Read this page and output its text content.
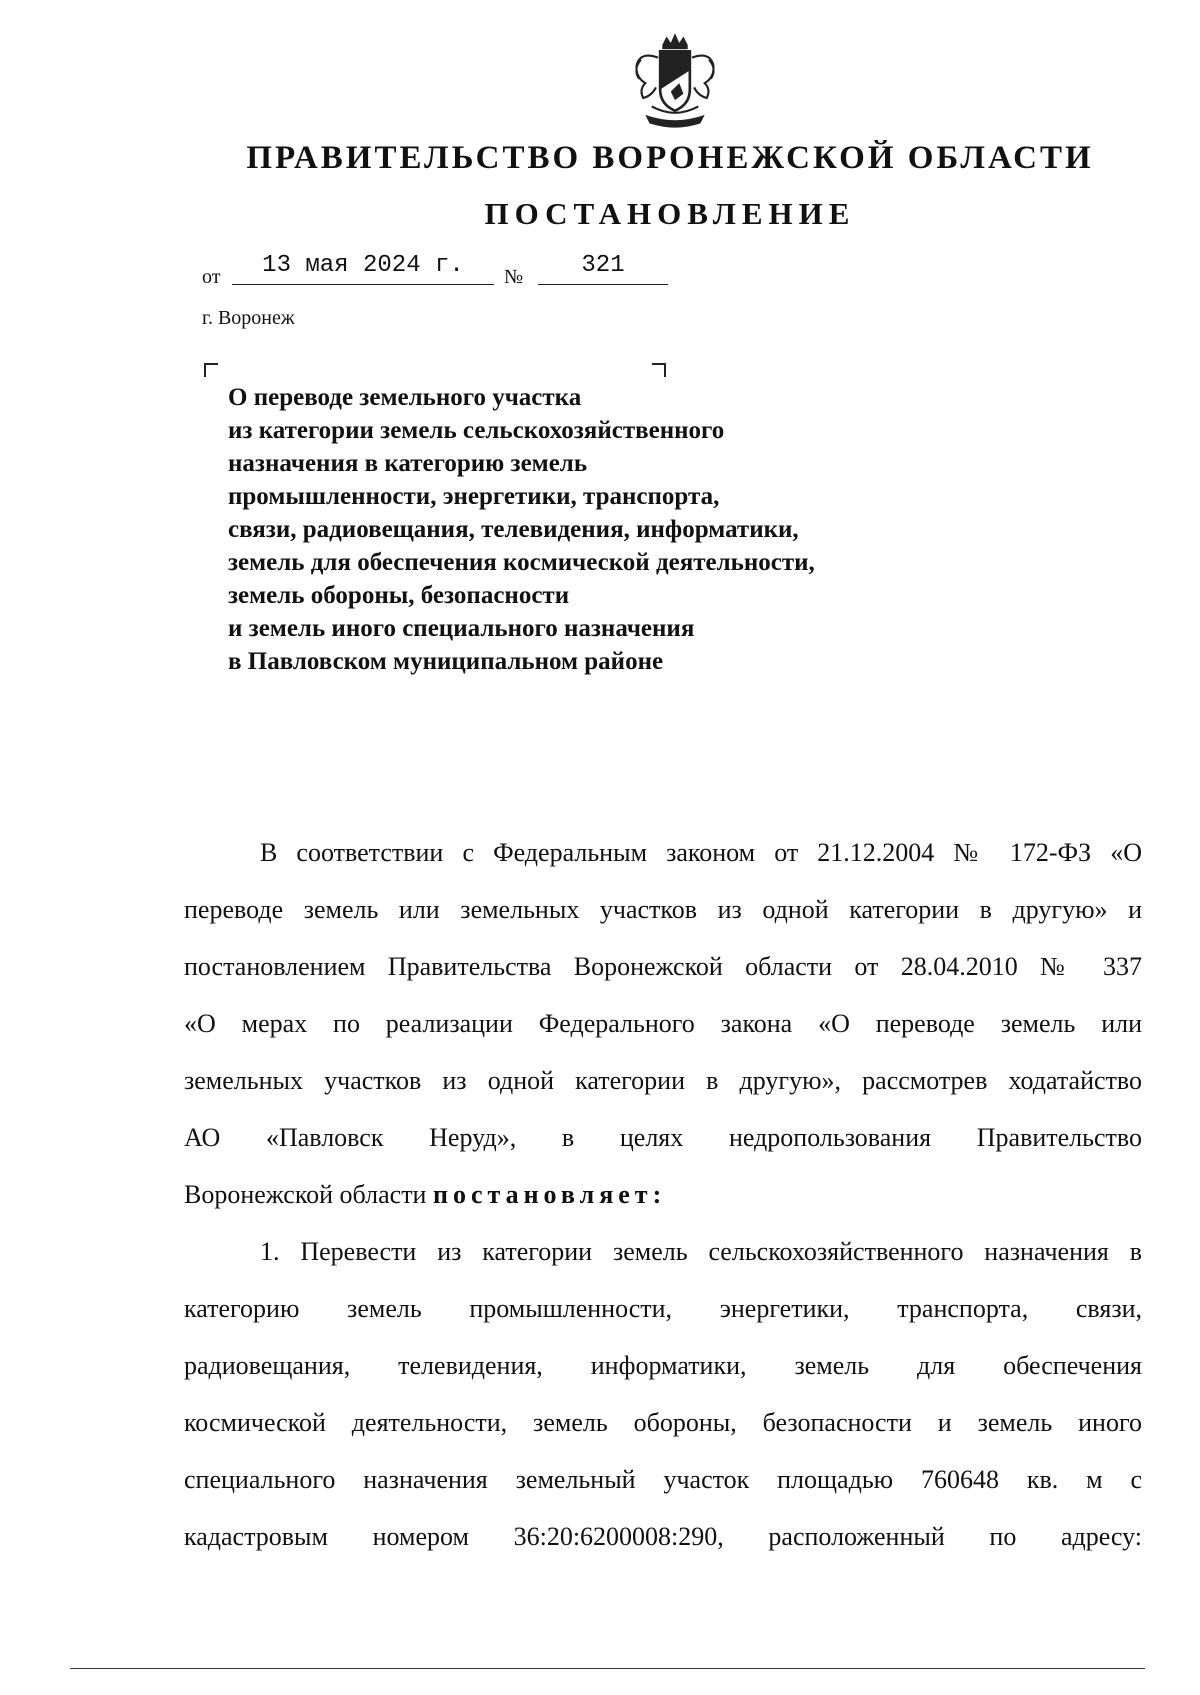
ПРАВИТЕЛЬСТВО ВОРОНЕЖСКОЙ ОБЛАСТИ
ПОСТАНОВЛЕНИЕ
от	13 мая 2024 г.	№	321
г. Воронеж
О переводе земельного участка
из категории земель сельскохозяйственного
назначения в категорию земель
промышленности, энергетики, транспорта,
связи, радиовещания, телевидения, информатики,
земель для обеспечения космической деятельности,
земель обороны, безопасности
и земель иного специального назначения
в Павловском муниципальном районе
В соответствии с Федеральным законом от 21.12.2004 № 172-ФЗ «О
переводе земель или земельных участков из одной категории в другую» и
постановлением Правительства Воронежской области от 28.04.2010 № 337
«О мерах по реализации Федерального закона «О переводе земель или
земельных участков из одной категории в другую», рассмотрев ходатайство
АО «Павловск Неруд», в целях недропользования Правительство
Воронежской области постановляет:
1. Перевести из категории земель сельскохозяйственного назначения в
категорию земель промышленности, энергетики, транспорта, связи,
радиовещания, телевидения, информатики, земель для обеспечения
космической деятельности, земель обороны, безопасности и земель иного
специального назначения земельный участок площадью 760648 кв. м с
кадастровым номером 36:20:6200008:290, расположенный по адресу:
